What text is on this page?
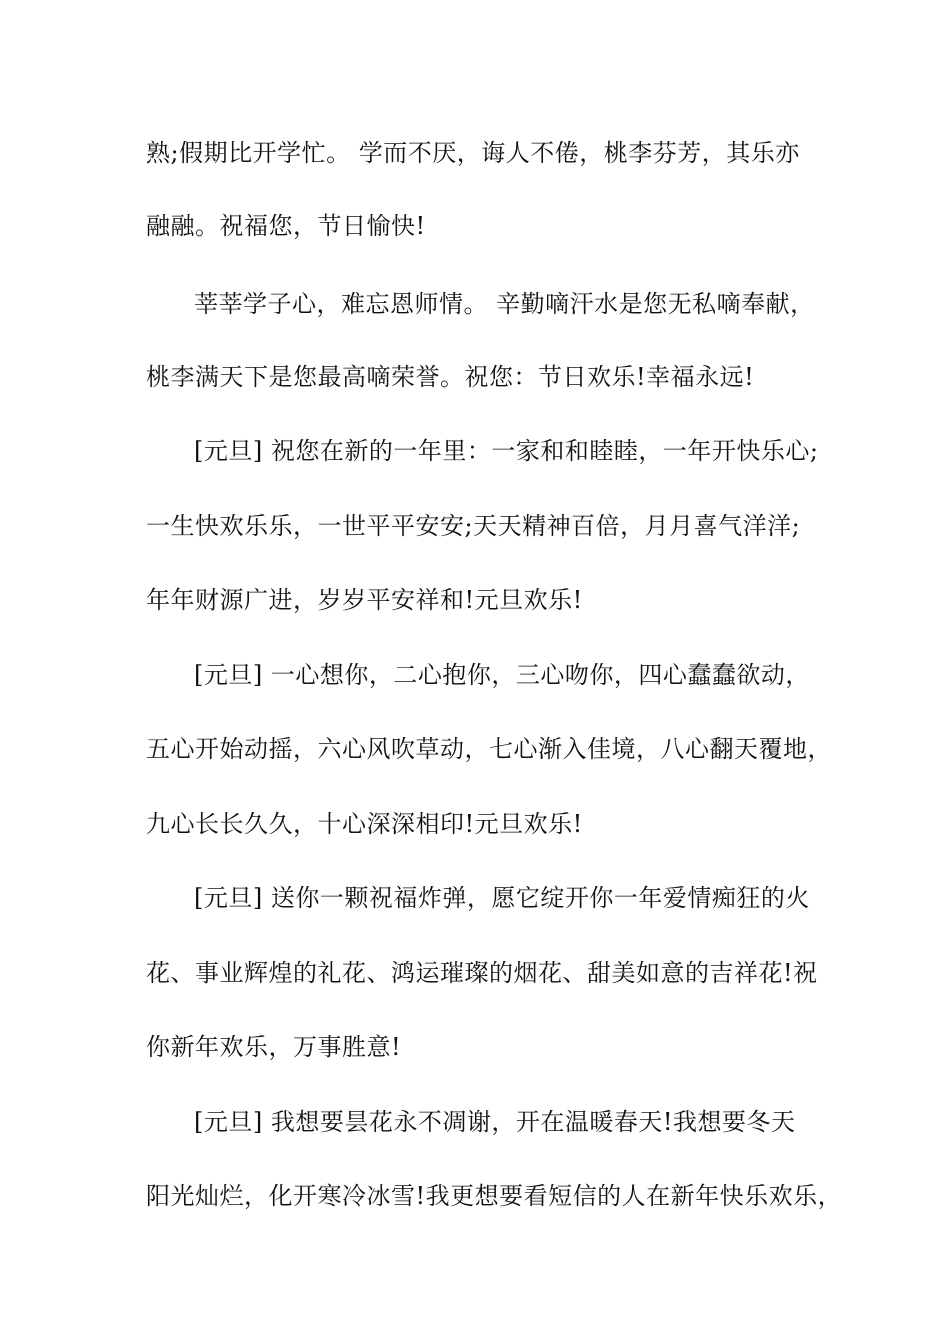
熟;假期比开学忙。 学而不厌，诲人不倦，桃李芬芳，其乐亦
融融。祝福您，节日愉快!
莘莘学子心，难忘恩师情。 辛勤嘀汗水是您无私嘀奉献，
桃李满天下是您最高嘀荣誉。祝您：节日欢乐!幸福永远!
[元旦] 祝您在新的一年里：一家和和睦睦，一年开快乐心;
一生快欢乐乐，一世平平安安;天天精神百倍，月月喜气洋洋;
年年财源广进，岁岁平安祥和!元旦欢乐!
[元旦] 一心想你，二心抱你，三心吻你，四心蠢蠢欲动，
五心开始动摇，六心风吹草动，七心渐入佳境，八心翻天覆地，
九心长长久久，十心深深相印!元旦欢乐!
[元旦] 送你一颗祝福炸弹，愿它绽开你一年爱情痴狂的火
花、事业辉煌的礼花、鸿运璀璨的烟花、甜美如意的吉祥花!祝
你新年欢乐，万事胜意!
[元旦] 我想要昙花永不凋谢，开在温暖春天!我想要冬天
阳光灿烂，化开寒冷冰雪!我更想要看短信的人在新年快乐欢乐，
